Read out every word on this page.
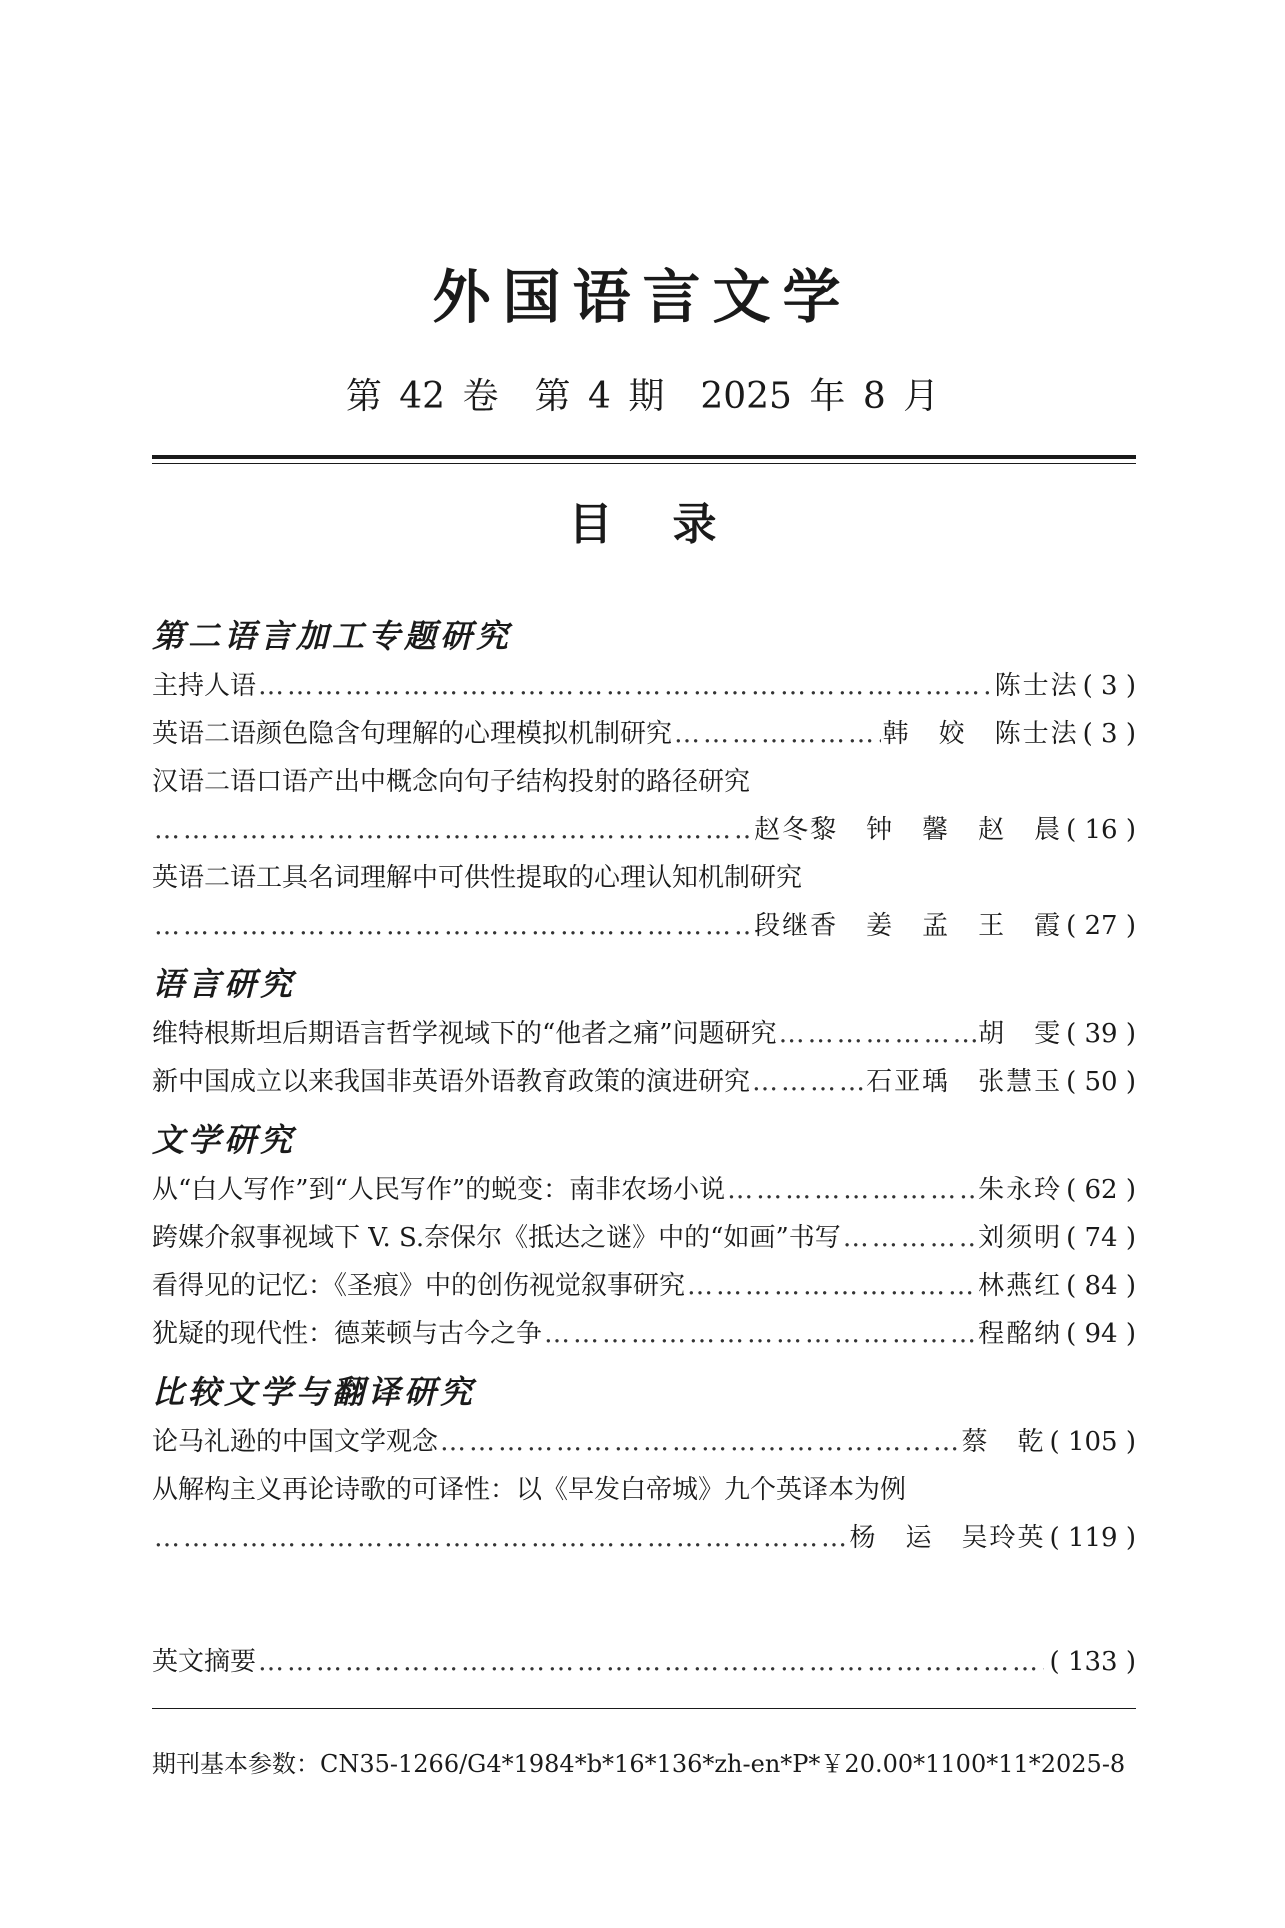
外国语言文学
第 42 卷　第 4 期　2025 年 8 月
目 录
第二语言加工专题研究
主持人语 ………………………………………………………………………………………………………………………………………………………………	陈士法 ( 3 )
英语二语颜色隐含句理解的心理模拟机制研究 ………………………………………………………………………………………………………………………………………………………………	韩　姣　陈士法 ( 3 )
汉语二语口语产出中概念向句子结构投射的路径研究
………………………………………………………………………………………………………………………………………………………………
赵冬黎　钟　馨　赵　晨 ( 16 )
英语二语工具名词理解中可供性提取的心理认知机制研究
………………………………………………………………………………………………………………………………………………………………
段继香　姜　孟　王　霞 ( 27 )
语言研究
维特根斯坦后期语言哲学视域下的“他者之痛”问题研究 ………………………………………………………………………………………………………………………………………………………………	胡　雯 ( 39 )
新中国成立以来我国非英语外语教育政策的演进研究 ………………………………………………………………………………………………………………………………………………………………	石亚瑀　张慧玉 ( 50 )
文学研究
从“白人写作”到“人民写作”的蜕变：南非农场小说 ………………………………………………………………………………………………………………………………………………………………	朱永玲 ( 62 )
跨媒介叙事视域下 V. S.奈保尔《抵达之谜》中的“如画”书写 ………………………………………………………………………………………………………………………………………………………………	刘须明 ( 74 )
看得见的记忆：《圣痕》中的创伤视觉叙事研究 ………………………………………………………………………………………………………………………………………………………………	林燕红 ( 84 )
犹疑的现代性：德莱顿与古今之争 ………………………………………………………………………………………………………………………………………………………………	程酩纳 ( 94 )
比较文学与翻译研究
论马礼逊的中国文学观念 ………………………………………………………………………………………………………………………………………………………………	蔡　乾 ( 105 )
从解构主义再论诗歌的可译性：以《早发白帝城》九个英译本为例
………………………………………………………………………………………………………………………………………………………………
杨　运　吴玲英 ( 119 )
英文摘要 ………………………………………………………………………………………………………………………………………………………………	( 133 )
期刊基本参数：CN35-1266/G4*1984*b*16*136*zh-en*P*￥20.00*1100*11*2025-8
